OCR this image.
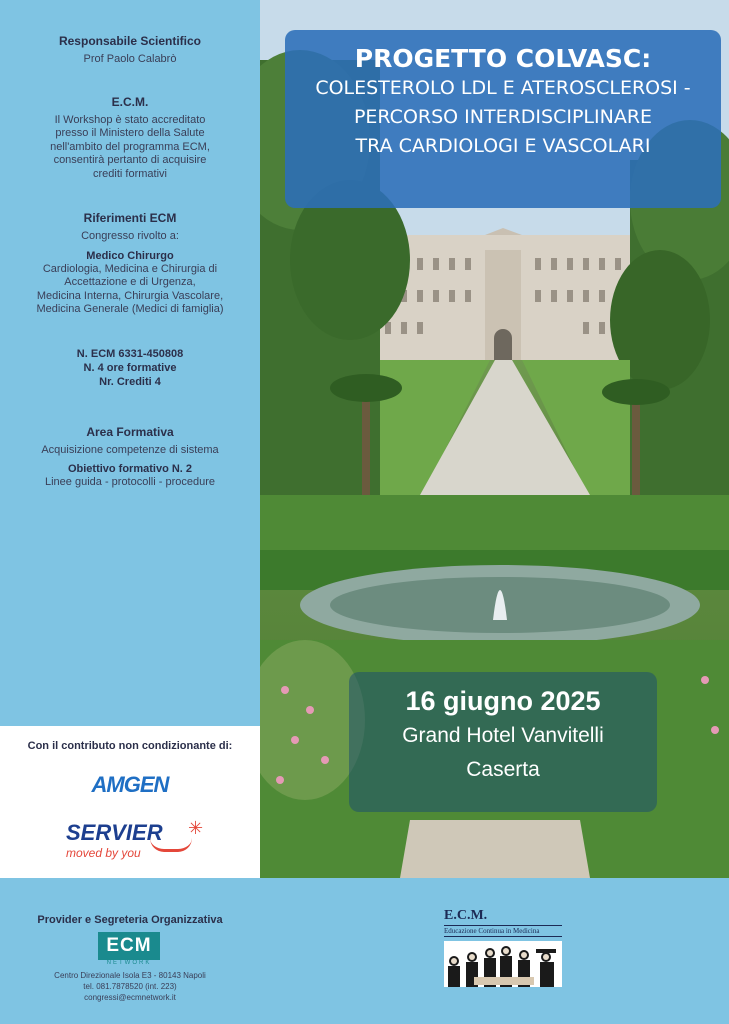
Responsabile Scientifico
Prof Paolo Calabrò
E.C.M.
Il Workshop è stato accreditato
presso il Ministero della Salute
nell'ambito del programma ECM,
consentirà pertanto di acquisire
crediti formativi
Riferimenti ECM
Congresso rivolto a:
Medico Chirurgo
Cardiologia, Medicina e Chirurgia di
Accettazione e di Urgenza,
Medicina Interna, Chirurgia Vascolare,
Medicina Generale (Medici di famiglia)
N. ECM 6331-450808
N. 4 ore formative
Nr. Crediti 4
Area Formativa
Acquisizione competenze di sistema
Obiettivo formativo N. 2
Linee guida - protocolli - procedure
Con il contributo non condizionante di:
AMGEN
SERVIER ✳
moved by you
PROGETTO COLVASC:
COLESTEROLO LDL E ATEROSCLEROSI -
PERCORSO INTERDISCIPLINARE
TRA CARDIOLOGI E VASCOLARI
16 giugno 2025
Grand Hotel Vanvitelli
Caserta
Provider e Segreteria Organizzativa
ECM
NETWORK
Centro Direzionale Isola E3 - 80143 Napoli
tel. 081.7878520 (int. 223)
congressi@ecmnetwork.it
E.C.M.
Educazione Continua in Medicina
